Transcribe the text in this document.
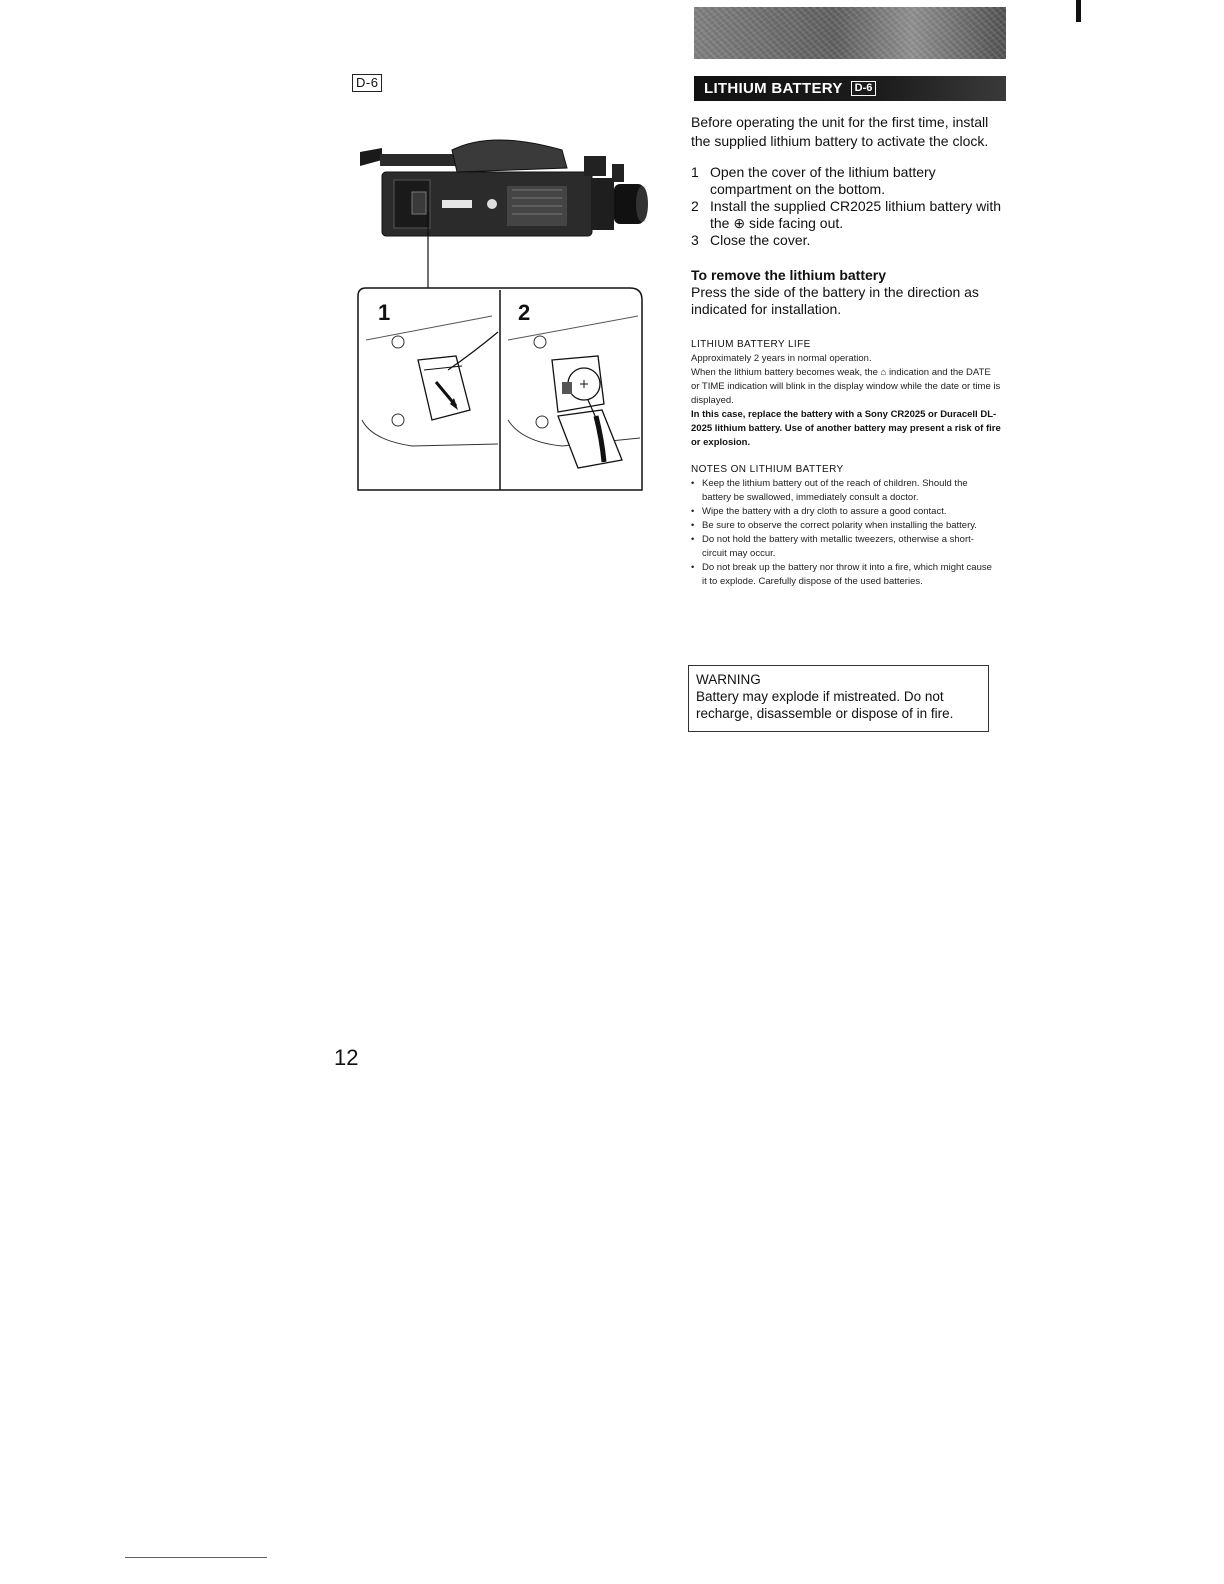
D-6	LITHIUM BATTERY	D-6
1	2
Before operating the unit for the first time, install the supplied lithium battery to activate the clock.
1 Open the cover of the lithium battery compartment on the bottom.
2 Install the supplied CR2025 lithium battery with the ⊕ side facing out.
3 Close the cover.
To remove the lithium battery
Press the side of the battery in the direction as indicated for installation.
LITHIUM BATTERY LIFE
Approximately 2 years in normal operation.
When the lithium battery becomes weak, the ⌂ indication and the DATE or TIME indication will blink in the display window while the date or time is displayed.
In this case, replace the battery with a Sony CR2025 or Duracell DL-2025 lithium battery. Use of another battery may present a risk of fire or explosion.
NOTES ON LITHIUM BATTERY
• Keep the lithium battery out of the reach of children. Should the battery be swallowed, immediately consult a doctor.
• Wipe the battery with a dry cloth to assure a good contact.
• Be sure to observe the correct polarity when installing the battery.
• Do not hold the battery with metallic tweezers, otherwise a short-circuit may occur.
• Do not break up the battery nor throw it into a fire, which might cause it to explode. Carefully dispose of the used batteries.
WARNING
Battery may explode if mistreated. Do not recharge, disassemble or dispose of in fire.
12
